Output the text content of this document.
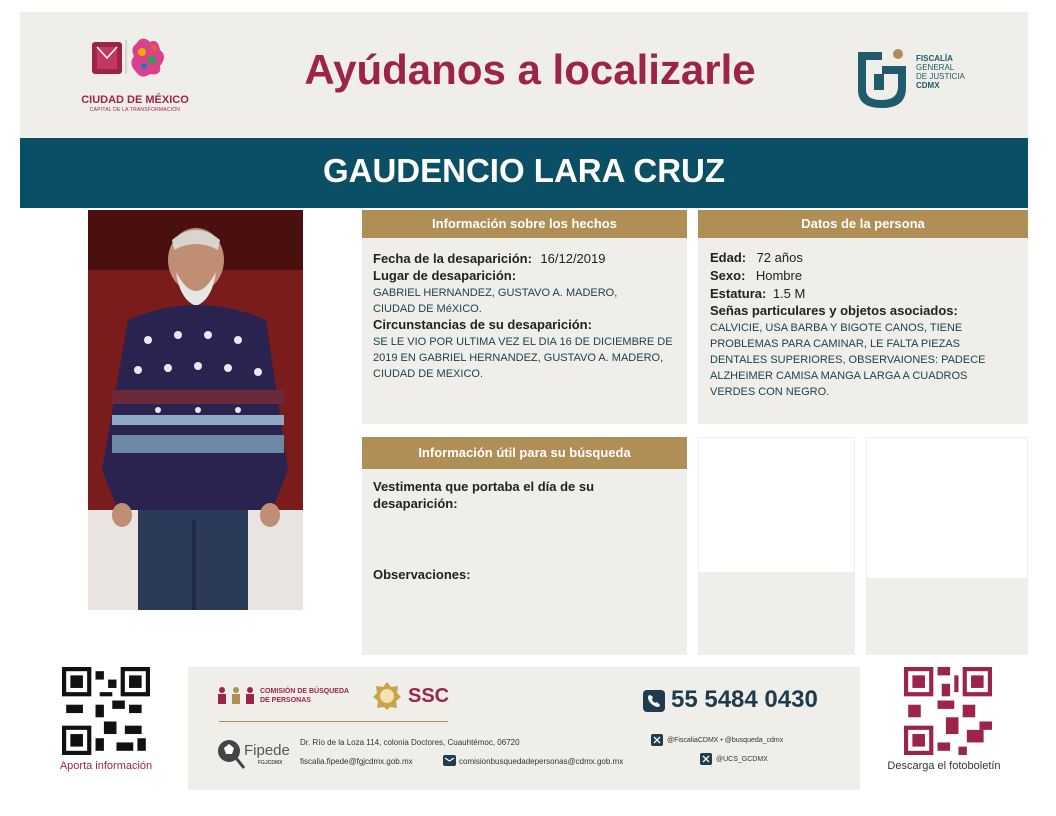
CIUDAD DE MÉXICO
CAPITAL DE LA TRANSFORMACIÓN
Ayúdanos a localizarle	FISCALÍA
GENERAL
DE JUSTICIA
CDMX
GAUDENCIO LARA CRUZ
Información sobre los hechos
Fecha de la desaparición: 16/12/2019
Lugar de desaparición:
GABRIEL HERNANDEZ, GUSTAVO A. MADERO, CIUDAD DE MéXICO.
Circunstancias de su desaparición:
SE LE VIO POR ULTIMA VEZ EL DIA 16 DE DICIEMBRE DE 2019 EN GABRIEL HERNANDEZ, GUSTAVO A. MADERO, CIUDAD DE MEXICO.
Datos de la persona
Edad: 72 años
Sexo: Hombre
Estatura: 1.5 M
Señas particulares y objetos asociados:
CALVICIE, USA BARBA Y BIGOTE CANOS, TIENE PROBLEMAS PARA CAMINAR, LE FALTA PIEZAS DENTALES SUPERIORES, OBSERVAIONES: PADECE ALZHEIMER CAMISA MANGA LARGA A CUADROS VERDES CON NEGRO.
Información útil para su búsqueda
Vestimenta que portaba el día de su desaparición:
Observaciones:
Aporta información
COMISIÓN DE BÚSQUEDA
DE PERSONAS	SSC	55 5484 0430
Fipede
FGJCDMX
Dr. Río de la Loza 114, colonia Doctores, Cuauhtémoc, 06720
fiscalia.fipede@fgjcdmx.gob.mx	comisionbusquedadepersonas@cdmx.gob.mx
@FiscaliaCDMX • @busqueda_cdmx
@UCS_GCDMX
Descarga el fotoboletín
